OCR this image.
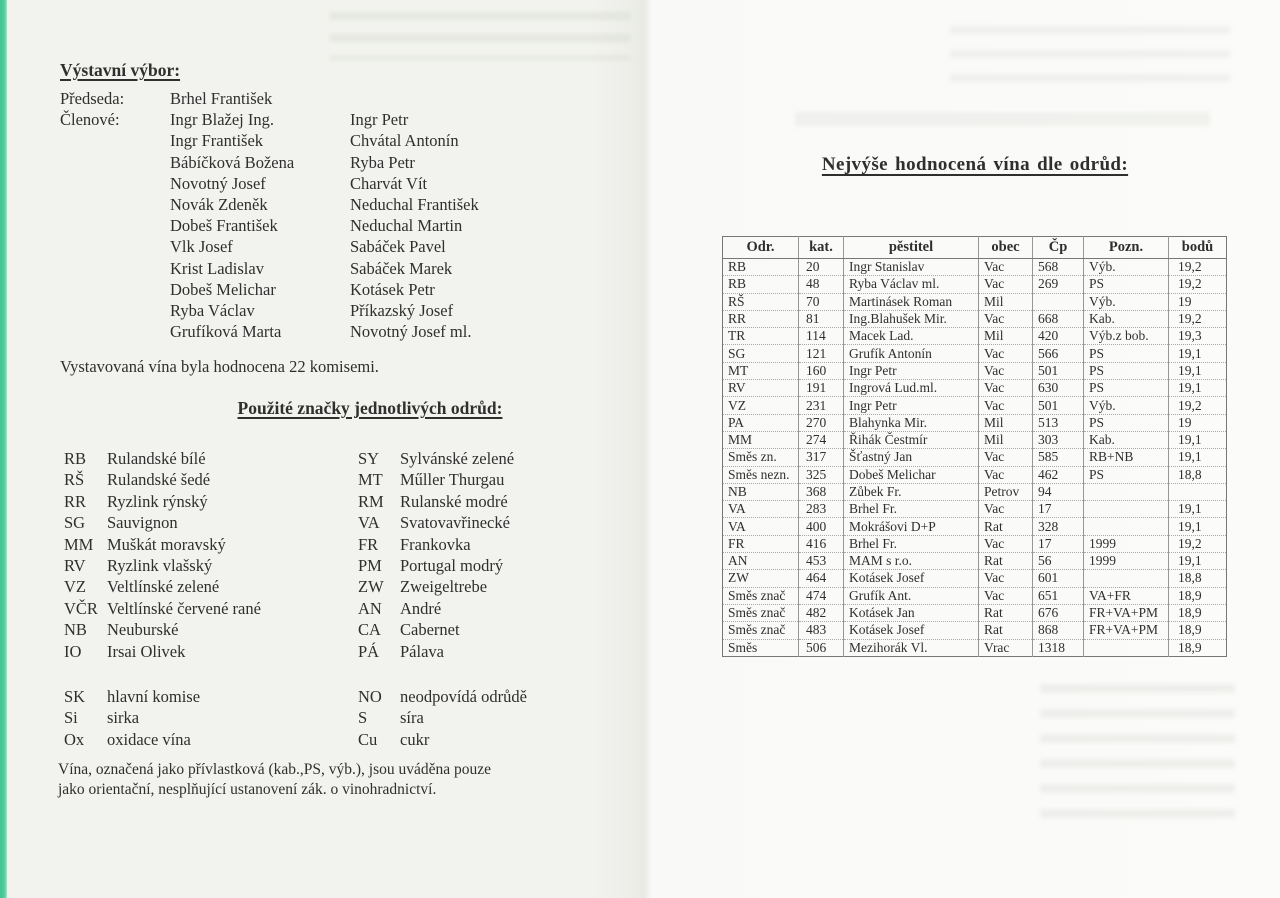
Výstavní výbor:
Předseda:	Brhel František
Členové:	Ingr Blažej Ing.	Ingr Petr
Ingr František	Chvátal Antonín
Bábíčková Božena	Ryba Petr
Novotný Josef	Charvát Vít
Novák Zdeněk	Neduchal František
Dobeš František	Neduchal Martin
Vlk Josef	Sabáček Pavel
Krist Ladislav	Sabáček Marek
Dobeš Melichar	Kotásek Petr
Ryba Václav	Příkazský Josef
Grufíková Marta	Novotný Josef ml.

Vystavovaná vína byla hodnocena 22 komisemi.

Použité značky jednotlivých odrůd:
RB	Rulandské bílé	SY	Sylvánské zelené
RŠ	Rulandské šedé	MT	Műller Thurgau
RR	Ryzlink rýnský	RM Rulanské modré
SG	Sauvignon	VA	Svatovavřinecké
MM Muškát moravský	FR	Frankovka
RV	Ryzlink vlašský	PM	Portugal modrý
VZ	Veltlínské zelené	ZW Zweigeltrebe
VČR Veltlínské červené rané	AN	André
NB	Neuburské	CA	Cabernet
IO	Irsai Olivek	PÁ	Pálava
SK	hlavní komise	NO	neodpovídá odrůdě
Si	sirka	S	síra
Ox	oxidace vína	Cu	cukr

Vína, označená jako přívlastková (kab.,PS, výb.), jsou uváděna pouze
jako orientační, nesplňující ustanovení zák. o vinohradnictví.

Nejvýše hodnocená vína dle odrůd:
Odr.	kat.	pěstitel	obec	Čp	Pozn.	bodů
RB	20	Ingr Stanislav	Vac	568	Výb.	19,2
RB	48	Ryba Václav ml.	Vac	269	PS	19,2
RŠ	70	Martinásek Roman	Mil		Výb.	19
RR	81	Ing.Blahušek Mir.	Vac	668	Kab.	19,2
TR	114	Macek Lad.	Mil	420	Výb.z bob.	19,3
SG	121	Grufík Antonín	Vac	566	PS	19,1
MT	160	Ingr Petr	Vac	501	PS	19,1
RV	191	Ingrová Lud.ml.	Vac	630	PS	19,1
VZ	231	Ingr Petr	Vac	501	Výb.	19,2
PA	270	Blahynka Mir.	Mil	513	PS	19
MM	274	Řihák Čestmír	Mil	303	Kab.	19,1
Směs zn.	317	Šťastný Jan	Vac	585	RB+NB	19,1
Směs nezn.	325	Dobeš Melichar	Vac	462	PS	18,8
NB	368	Zůbek Fr.	Petrov	94		
VA	283	Brhel Fr.	Vac	17		19,1
VA	400	Mokrášovi D+P	Rat	328		19,1
FR	416	Brhel Fr.	Vac	17	1999	19,2
AN	453	MAM s r.o.	Rat	56	1999	19,1
ZW	464	Kotásek Josef	Vac	601		18,8
Směs znač	474	Grufík Ant.	Vac	651	VA+FR	18,9
Směs znač	482	Kotásek Jan	Rat	676	FR+VA+PM	18,9
Směs znač	483	Kotásek Josef	Rat	868	FR+VA+PM	18,9
Směs	506	Mezihorák Vl.	Vrac	1318		18,9
